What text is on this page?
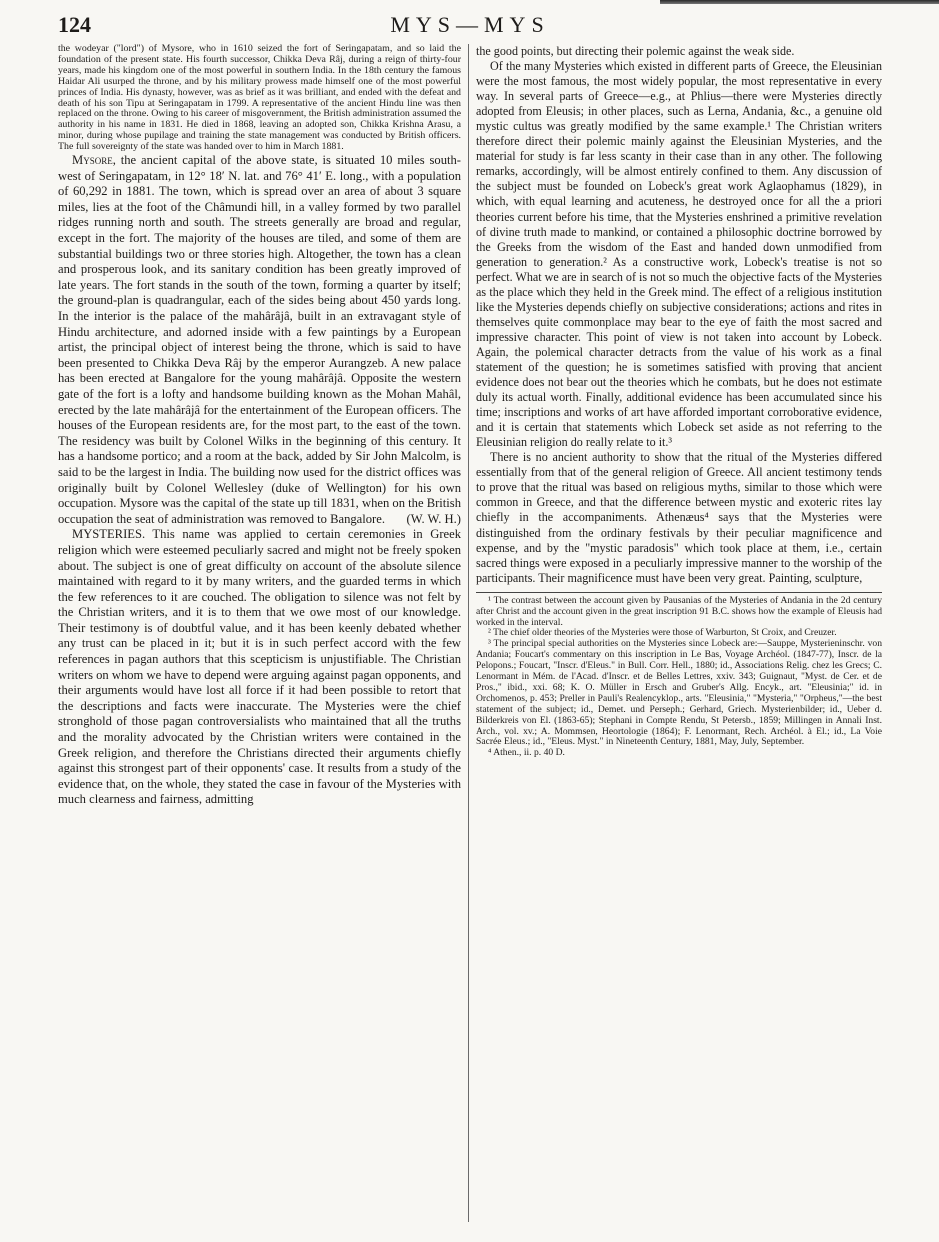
124	MYS—MYS

the wodeyar ("lord") of Mysore, who in 1610 seized the fort of Seringapatam, and so laid the foundation of the present state. His fourth successor, Chikka Deva Râj, during a reign of thirty-four years, made his kingdom one of the most powerful in southern India. In the 18th century the famous Haidar Ali usurped the throne, and by his military prowess made himself one of the most powerful princes of India. His dynasty, however, was as brief as it was brilliant, and ended with the defeat and death of his son Tipu at Seringapatam in 1799. A representative of the ancient Hindu line was then replaced on the throne. Owing to his career of misgovernment, the British administration assumed the authority in his name in 1831. He died in 1868, leaving an adopted son, Chikka Krishna Arasu, a minor, during whose pupilage and training the state management was conducted by British officers. The full sovereignty of the state was handed over to him in March 1881.

Mysore, the ancient capital of the above state, is situated 10 miles south-west of Seringapatam, in 12° 18′ N. lat. and 76° 41′ E. long., with a population of 60,292 in 1881. The town, which is spread over an area of about 3 square miles, lies at the foot of the Châmundi hill, in a valley formed by two parallel ridges running north and south. The streets generally are broad and regular, except in the fort. The majority of the houses are tiled, and some of them are substantial buildings two or three stories high. Altogether, the town has a clean and prosperous look, and its sanitary condition has been greatly improved of late years. The fort stands in the south of the town, forming a quarter by itself; the ground-plan is quadrangular, each of the sides being about 450 yards long. In the interior is the palace of the mahârâjâ, built in an extravagant style of Hindu architecture, and adorned inside with a few paintings by a European artist, the principal object of interest being the throne, which is said to have been presented to Chikka Deva Râj by the emperor Aurangzeb. A new palace has been erected at Bangalore for the young mahârâjâ. Opposite the western gate of the fort is a lofty and handsome building known as the Mohan Mahâl, erected by the late mahârâjâ for the entertainment of the European officers. The houses of the European residents are, for the most part, to the east of the town. The residency was built by Colonel Wilks in the beginning of this century. It has a handsome portico; and a room at the back, added by Sir John Malcolm, is said to be the largest in India. The building now used for the district offices was originally built by Colonel Wellesley (duke of Wellington) for his own occupation. Mysore was the capital of the state up till 1831, when on the British occupation the seat of administration was removed to Bangalore.	(W. W. H.)

MYSTERIES. This name was applied to certain ceremonies in Greek religion which were esteemed peculiarly sacred and might not be freely spoken about. The subject is one of great difficulty on account of the absolute silence maintained with regard to it by many writers, and the guarded terms in which the few references to it are couched. The obligation to silence was not felt by the Christian writers, and it is to them that we owe most of our knowledge. Their testimony is of doubtful value, and it has been keenly debated whether any trust can be placed in it; but it is in such perfect accord with the few references in pagan authors that this scepticism is unjustifiable. The Christian writers on whom we have to depend were arguing against pagan opponents, and their arguments would have lost all force if it had been possible to retort that the descriptions and facts were inaccurate. The Mysteries were the chief stronghold of those pagan controversialists who maintained that all the truths and the morality advocated by the Christian writers were contained in the Greek religion, and therefore the Christians directed their arguments chiefly against this strongest part of their opponents' case. It results from a study of the evidence that, on the whole, they stated the case in favour of the Mysteries with much clearness and fairness, admitting

the good points, but directing their polemic against the weak side.

Of the many Mysteries which existed in different parts of Greece, the Eleusinian were the most famous, the most widely popular, the most representative in every way. In several parts of Greece—e.g., at Phlius—there were Mysteries directly adopted from Eleusis; in other places, such as Lerna, Andania, &c., a genuine old mystic cultus was greatly modified by the same example.¹ The Christian writers therefore direct their polemic mainly against the Eleusinian Mysteries, and the material for study is far less scanty in their case than in any other. The following remarks, accordingly, will be almost entirely confined to them. Any discussion of the subject must be founded on Lobeck's great work Aglaophamus (1829), in which, with equal learning and acuteness, he destroyed once for all the a priori theories current before his time, that the Mysteries enshrined a primitive revelation of divine truth made to mankind, or contained a philosophic doctrine borrowed by the Greeks from the wisdom of the East and handed down unmodified from generation to generation.² As a constructive work, Lobeck's treatise is not so perfect. What we are in search of is not so much the objective facts of the Mysteries as the place which they held in the Greek mind. The effect of a religious institution like the Mysteries depends chiefly on subjective considerations; actions and rites in themselves quite commonplace may bear to the eye of faith the most sacred and impressive character. This point of view is not taken into account by Lobeck. Again, the polemical character detracts from the value of his work as a final statement of the question; he is sometimes satisfied with proving that ancient evidence does not bear out the theories which he combats, but he does not estimate duly its actual worth. Finally, additional evidence has been accumulated since his time; inscriptions and works of art have afforded important corroborative evidence, and it is certain that statements which Lobeck set aside as not referring to the Eleusinian religion do really relate to it.³

There is no ancient authority to show that the ritual of the Mysteries differed essentially from that of the general religion of Greece. All ancient testimony tends to prove that the ritual was based on religious myths, similar to those which were common in Greece, and that the difference between mystic and exoteric rites lay chiefly in the accompaniments. Athenæus⁴ says that the Mysteries were distinguished from the ordinary festivals by their peculiar magnificence and expense, and by the "mystic paradosis" which took place at them, i.e., certain sacred things were exposed in a peculiarly impressive manner to the worship of the participants. Their magnificence must have been very great. Painting, sculpture,

¹ The contrast between the account given by Pausanias of the Mysteries of Andania in the 2d century after Christ and the account given in the great inscription 91 B.C. shows how the example of Eleusis had worked in the interval.

² The chief older theories of the Mysteries were those of Warburton, St Croix, and Creuzer.

³ The principal special authorities on the Mysteries since Lobeck are:—Sauppe, Mysterieninschr. von Andania; Foucart's commentary on this inscription in Le Bas, Voyage Archéol. (1847-77), Inscr. de la Pelopons.; Foucart, "Inscr. d'Eleus." in Bull. Corr. Hell., 1880; id., Associations Relig. chez les Grecs; C. Lenormant in Mém. de l'Acad. d'Inscr. et de Belles Lettres, xxiv. 343; Guignaut, "Myst. de Cer. et de Pros.," ibid., xxi. 68; K. O. Müller in Ersch and Gruber's Allg. Encyk., art. "Eleusinia;" id. in Orchomenos, p. 453; Preller in Pauli's Realencyklop., arts. "Eleusinia," "Mysteria," "Orpheus,"—the best statement of the subject; id., Demet. und Perseph.; Gerhard, Griech. Mysterienbilder; id., Ueber d. Bilderkreis von El. (1863-65); Stephani in Compte Rendu, St Petersb., 1859; Millingen in Annali Inst. Arch., vol. xv.; A. Mommsen, Heortologie (1864); F. Lenormant, Rech. Archéol. à El.; id., La Voie Sacrée Eleus.; id., "Eleus. Myst." in Nineteenth Century, 1881, May, July, September.

⁴ Athen., ii. p. 40 D.
